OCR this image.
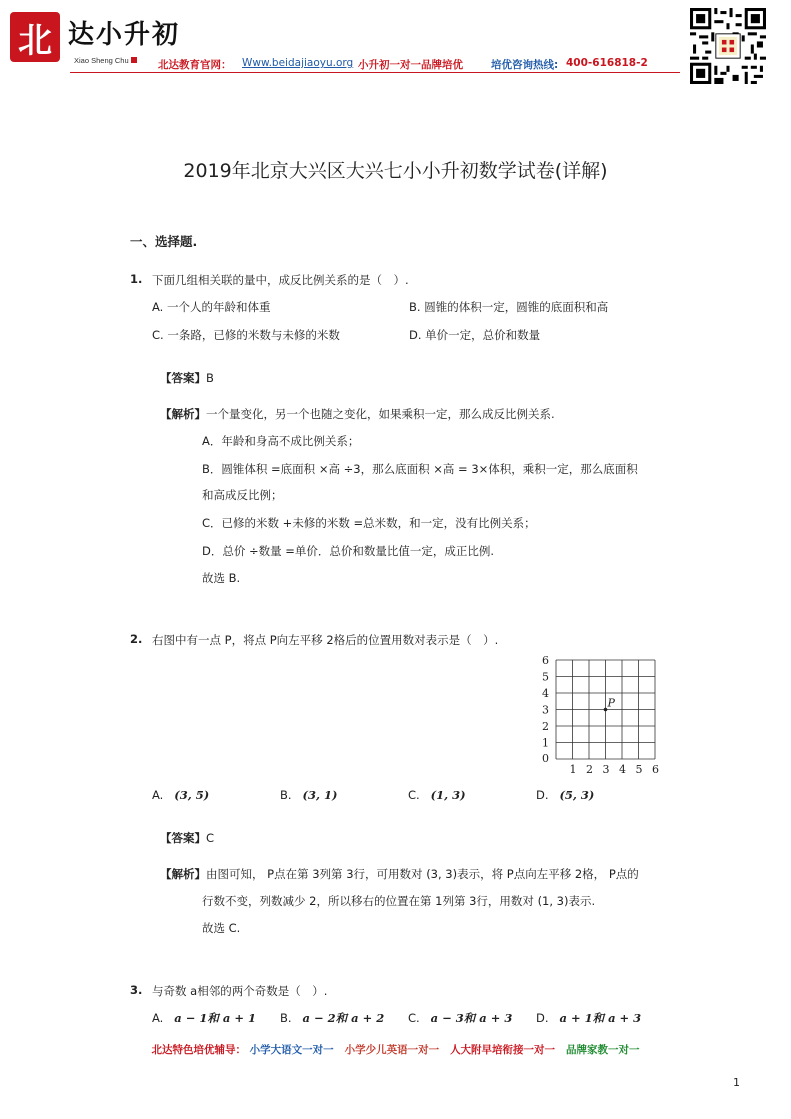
北 达小升初
Xiao Sheng Chu	北达教育官网： Www.beidajiaoyu.org 小升初一对一品牌培优	培优咨询热线: 400-616818-2
2019年北京大兴区大兴七小小升初数学试卷(详解)
一、选择题.
1. 下面几组相关联的量中，成反比例关系的是（　）.
A. 一个人的年龄和体重	B. 圆锥的体积一定，圆锥的底面积和高
C. 一条路，已修的米数与未修的米数	D. 单价一定，总价和数量
【答案】B
【解析】一个量变化，另一个也随之变化，如果乘积一定，那么成反比例关系.
A．年龄和身高不成比例关系；
B．圆锥体积 =底面积 ×高 ÷3，那么底面积 ×高 = 3×体积，乘积一定，那么底面积
和高成反比例；
C．已修的米数 +未修的米数 =总米数，和一定，没有比例关系；
D．总价 ÷数量 =单价．总价和数量比值一定，成正比例.
故选 B.
2. 右图中有一点 P，将点 P向左平移 2格后的位置用数对表示是（　）.
6
5
4
3
2
1
0
1 2 3 4 5 6
P
A. (3, 5)	B. (3, 1)	C. (1, 3)	D. (5, 3)
【答案】C
【解析】由图可知， P点在第 3列第 3行，可用数对 (3, 3)表示，将 P点向左平移 2格， P点的
行数不变，列数减少 2，所以移右的位置在第 1列第 3行，用数对 (1, 3)表示.
故选 C.
3. 与奇数 a相邻的两个奇数是（　）.
A. a − 1和 a + 1 B. a − 2和 a + 2 C. a − 3和 a + 3 D. a + 1和 a + 3
北达特色培优辅导： 小学大语文一对一 小学少儿英语一对一 人大附早培衔接一对一 品牌家教一对一
1
